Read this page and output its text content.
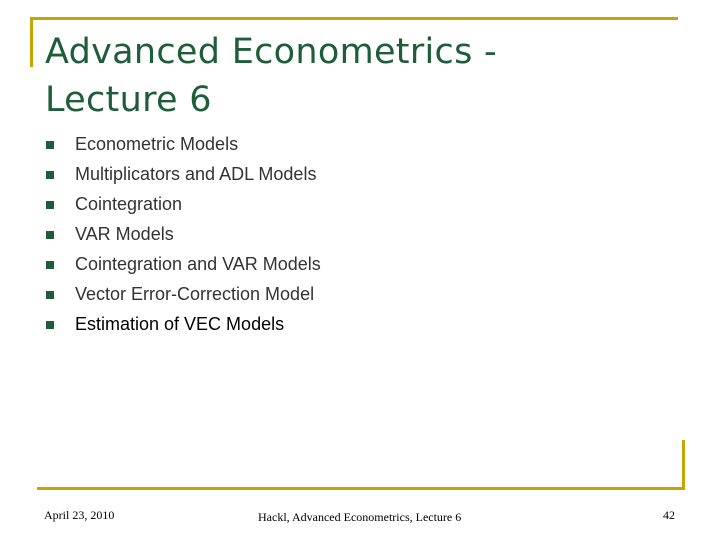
Advanced Econometrics -
Lecture 6
Econometric Models
Multiplicators and ADL Models
Cointegration
VAR Models
Cointegration and VAR Models
Vector Error-Correction Model
Estimation of VEC Models
April 23, 2010	Hackl, Advanced Econometrics, Lecture 6	42
